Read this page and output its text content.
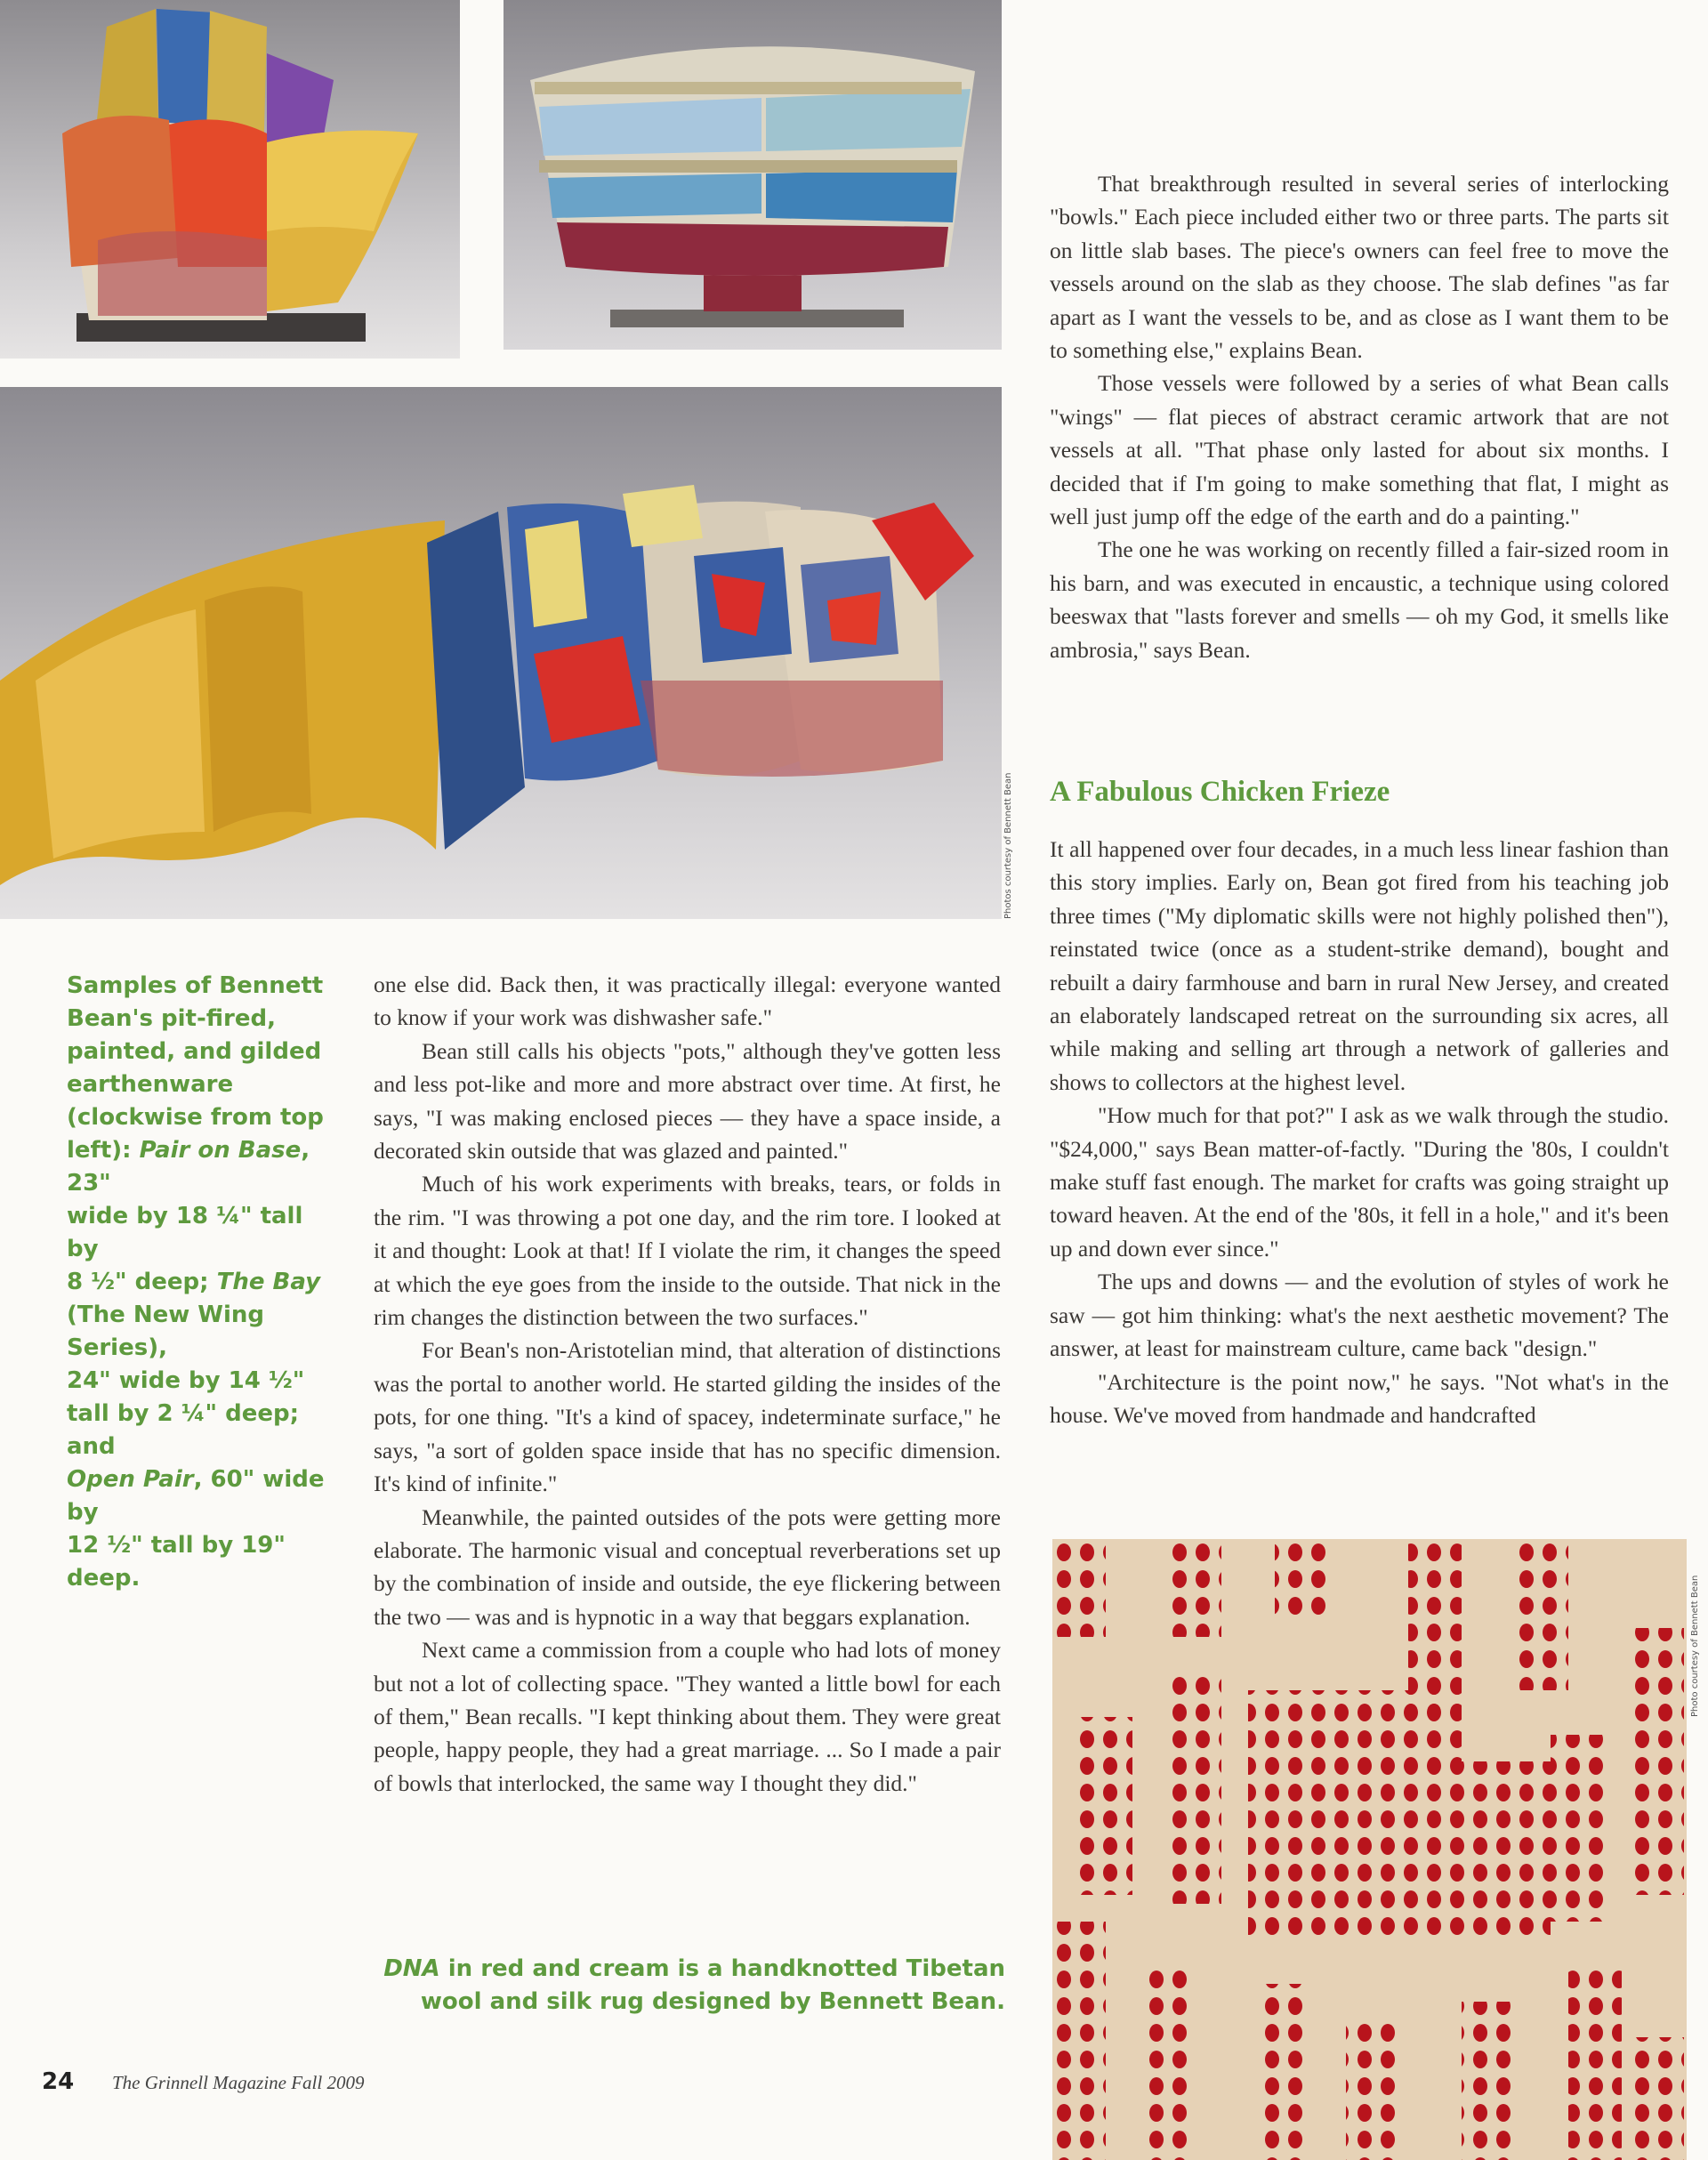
Photos courtesy of Bennett Bean
Samples of Bennett
Bean's pit-fired,
painted, and gilded
earthenware
(clockwise from top
left): Pair on Base, 23"
wide by 18 ¼" tall by
8 ½" deep; The Bay
(The New Wing Series),
24" wide by 14 ½"
tall by 2 ¼" deep; and
Open Pair, 60" wide by
12 ½" tall by 19" deep.

one else did. Back then, it was practically illegal: everyone wanted to know if your work was dishwasher safe."

Bean still calls his objects "pots," although they've gotten less and less pot-like and more and more abstract over time. At first, he says, "I was making enclosed pieces — they have a space inside, a decorated skin outside that was glazed and painted."

Much of his work experiments with breaks, tears, or folds in the rim. "I was throwing a pot one day, and the rim tore. I looked at it and thought: Look at that! If I violate the rim, it changes the speed at which the eye goes from the inside to the outside. That nick in the rim changes the distinction between the two surfaces."

For Bean's non-Aristotelian mind, that alteration of distinctions was the portal to another world. He started gilding the insides of the pots, for one thing. "It's a kind of spacey, indeterminate surface," he says, "a sort of golden space inside that has no specific dimension. It's kind of infinite."

Meanwhile, the painted outsides of the pots were getting more elaborate. The harmonic visual and conceptual reverberations set up by the combination of inside and outside, the eye flickering between the two — was and is hypnotic in a way that beggars explanation.

Next came a commission from a couple who had lots of money but not a lot of collecting space. "They wanted a little bowl for each of them," Bean recalls. "I kept thinking about them. They were great people, happy people, they had a great marriage. ... So I made a pair of bowls that interlocked, the same way I thought they did."

DNA in red and cream is a handknotted Tibetan
wool and silk rug designed by Bennett Bean.

That breakthrough resulted in several series of interlocking "bowls." Each piece included either two or three parts. The parts sit on little slab bases. The piece's owners can feel free to move the vessels around on the slab as they choose. The slab defines "as far apart as I want the vessels to be, and as close as I want them to be to something else," explains Bean.

Those vessels were followed by a series of what Bean calls "wings" — flat pieces of abstract ceramic artwork that are not vessels at all. "That phase only lasted for about six months. I decided that if I'm going to make something that flat, I might as well just jump off the edge of the earth and do a painting."

The one he was working on recently filled a fair-sized room in his barn, and was executed in encaustic, a technique using colored beeswax that "lasts forever and smells — oh my God, it smells like ambrosia," says Bean.

A Fabulous Chicken Frieze

It all happened over four decades, in a much less linear fashion than this story implies. Early on, Bean got fired from his teaching job three times ("My diplomatic skills were not highly polished then"), reinstated twice (once as a student-strike demand), bought and rebuilt a dairy farmhouse and barn in rural New Jersey, and created an elaborately landscaped retreat on the surrounding six acres, all while making and selling art through a network of galleries and shows to collectors at the highest level.

"How much for that pot?" I ask as we walk through the studio. "$24,000," says Bean matter-of-factly. "During the '80s, I couldn't make stuff fast enough. The market for crafts was going straight up toward heaven. At the end of the '80s, it fell in a hole," and it's been up and down ever since."

The ups and downs — and the evolution of styles of work he saw — got him thinking: what's the next aesthetic movement? The answer, at least for mainstream culture, came back "design."

"Architecture is the point now," he says. "Not what's in the house. We've moved from handmade and handcrafted

Photo courtesy of Bennett Bean
24 The Grinnell Magazine Fall 2009
